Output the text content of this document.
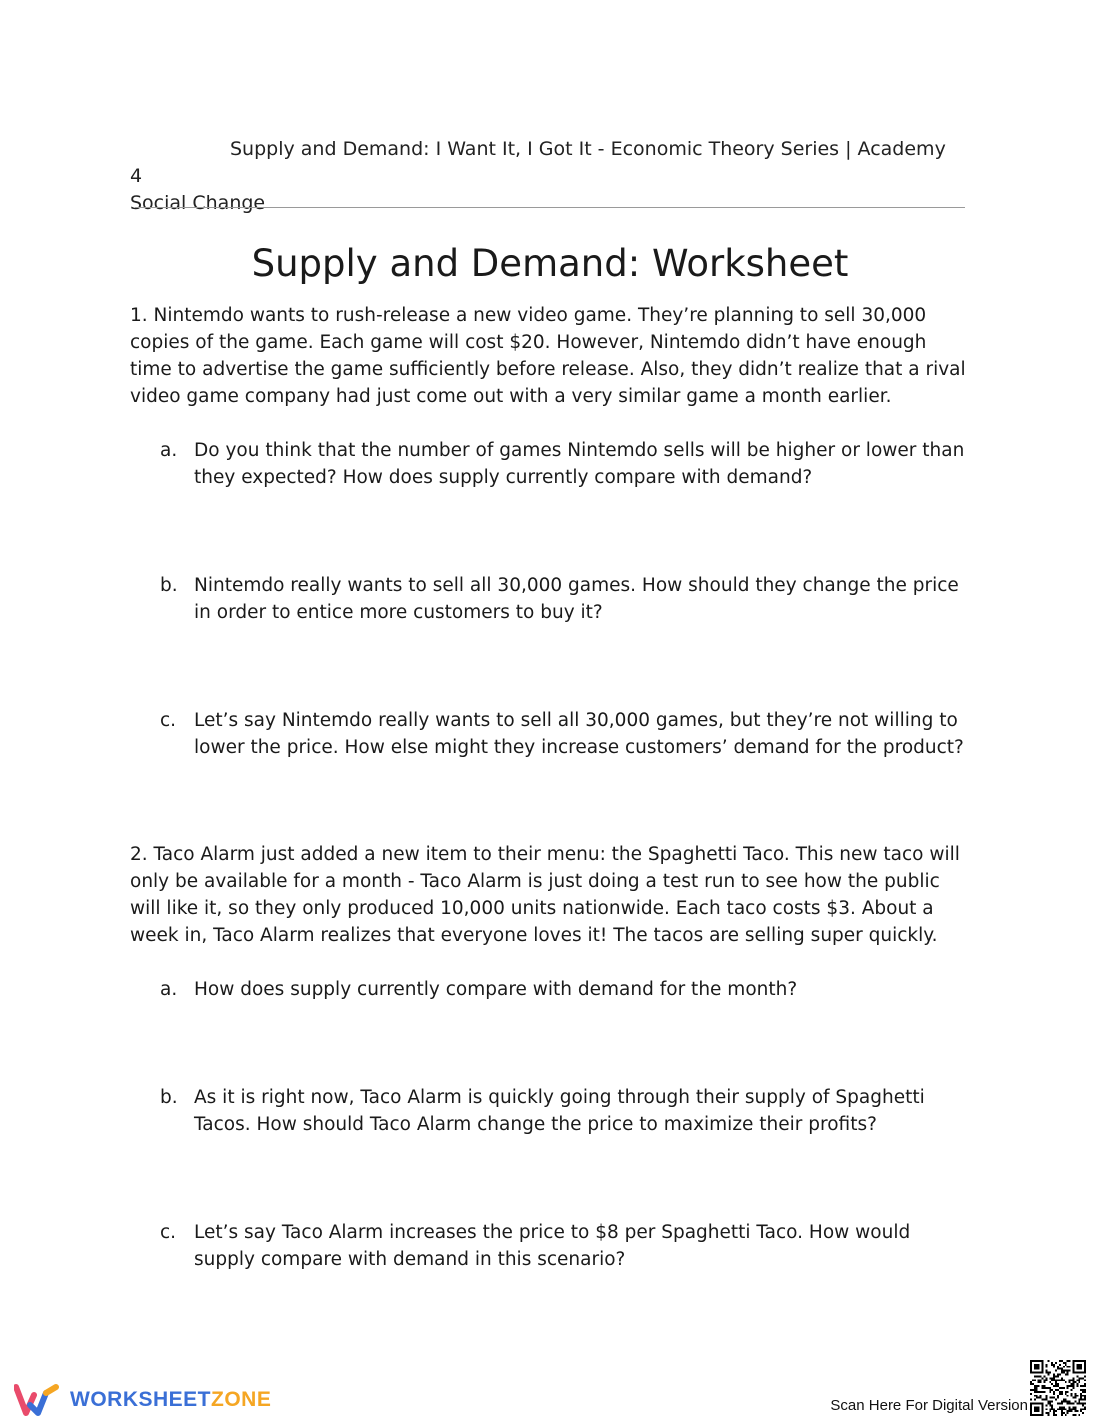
Supply and Demand: I Want It, I Got It - Economic Theory Series | Academy 4
Social Change
Supply and Demand: Worksheet
1. Nintemdo wants to rush-release a new video game. They’re planning to sell 30,000 copies of the game. Each game will cost $20. However, Nintemdo didn’t have enough time to advertise the game sufficiently before release. Also, they didn’t realize that a rival video game company had just come out with a very similar game a month earlier.
a. Do you think that the number of games Nintemdo sells will be higher or lower than they expected? How does supply currently compare with demand?
b. Nintemdo really wants to sell all 30,000 games. How should they change the price in order to entice more customers to buy it?
c. Let’s say Nintemdo really wants to sell all 30,000 games, but they’re not willing to lower the price. How else might they increase customers’ demand for the product?
2. Taco Alarm just added a new item to their menu: the Spaghetti Taco. This new taco will only be available for a month - Taco Alarm is just doing a test run to see how the public will like it, so they only produced 10,000 units nationwide. Each taco costs $3. About a week in, Taco Alarm realizes that everyone loves it! The tacos are selling super quickly.
a. How does supply currently compare with demand for the month?
b. As it is right now, Taco Alarm is quickly going through their supply of Spaghetti Tacos. How should Taco Alarm change the price to maximize their profits?
c. Let’s say Taco Alarm increases the price to $8 per Spaghetti Taco. How would supply compare with demand in this scenario?
WORKSHEETZONE	Scan Here For Digital Version
